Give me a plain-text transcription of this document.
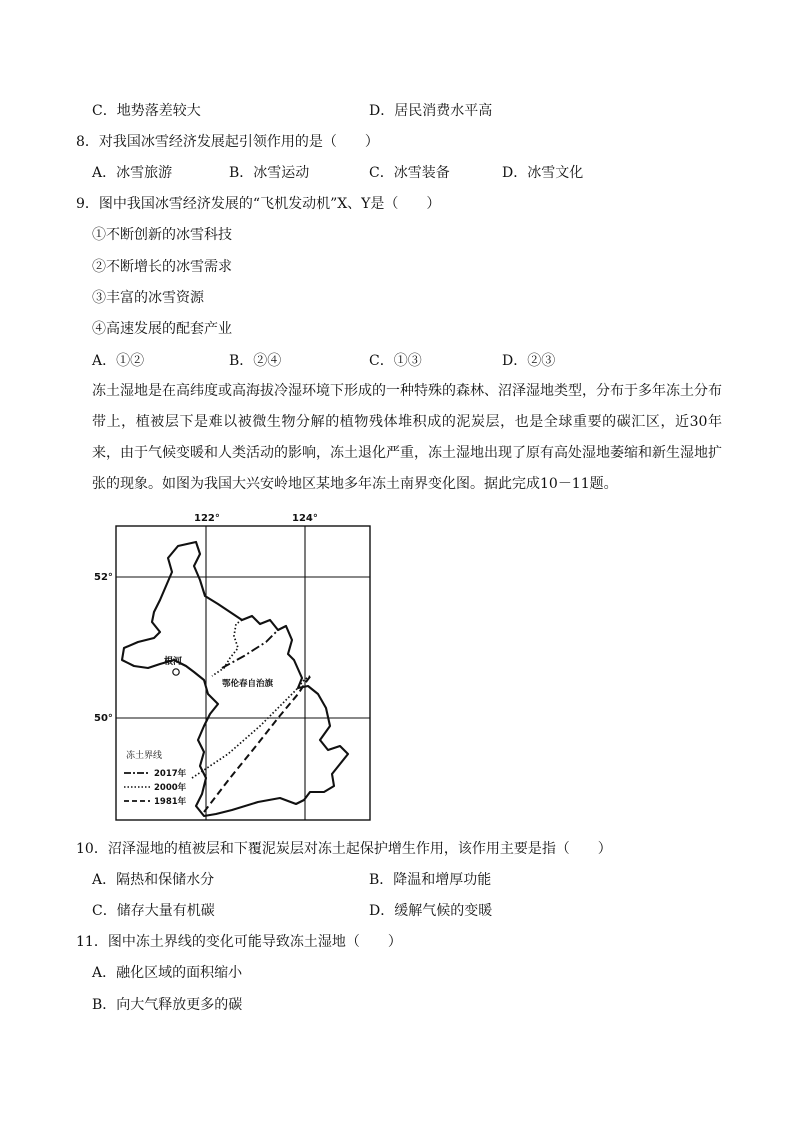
C．地势落差较大	D．居民消费水平高
8．对我国冰雪经济发展起引领作用的是（　　）
A．冰雪旅游	B．冰雪运动	C．冰雪装备	D．冰雪文化
9．图中我国冰雪经济发展的“飞机发动机”X、Y是（　　）
①不断创新的冰雪科技
②不断增长的冰雪需求
③丰富的冰雪资源
④高速发展的配套产业
A．①②	B．②④	C．①③	D．②③
冻土湿地是在高纬度或高海拔冷湿环境下形成的一种特殊的森林、沼泽湿地类型，分布于多年冻土分布带上，植被层下是难以被微生物分解的植物残体堆积成的泥炭层，也是全球重要的碳汇区，近30年来，由于气候变暖和人类活动的影响，冻土退化严重，冻土湿地出现了原有高处湿地萎缩和新生湿地扩张的现象。如图为我国大兴安岭地区某地多年冻土南界变化图。据此完成10－11题。
根河
鄂伦春自治旗
122°	124°
52°
50°
冻土界线
2017年
2000年
1981年
10．沼泽湿地的植被层和下覆泥炭层对冻土起保护增生作用，该作用主要是指（　　）
A．隔热和保储水分	B．降温和增厚功能
C．储存大量有机碳	D．缓解气候的变暖
11．图中冻土界线的变化可能导致冻土湿地（　　）
A．融化区域的面积缩小
B．向大气释放更多的碳
